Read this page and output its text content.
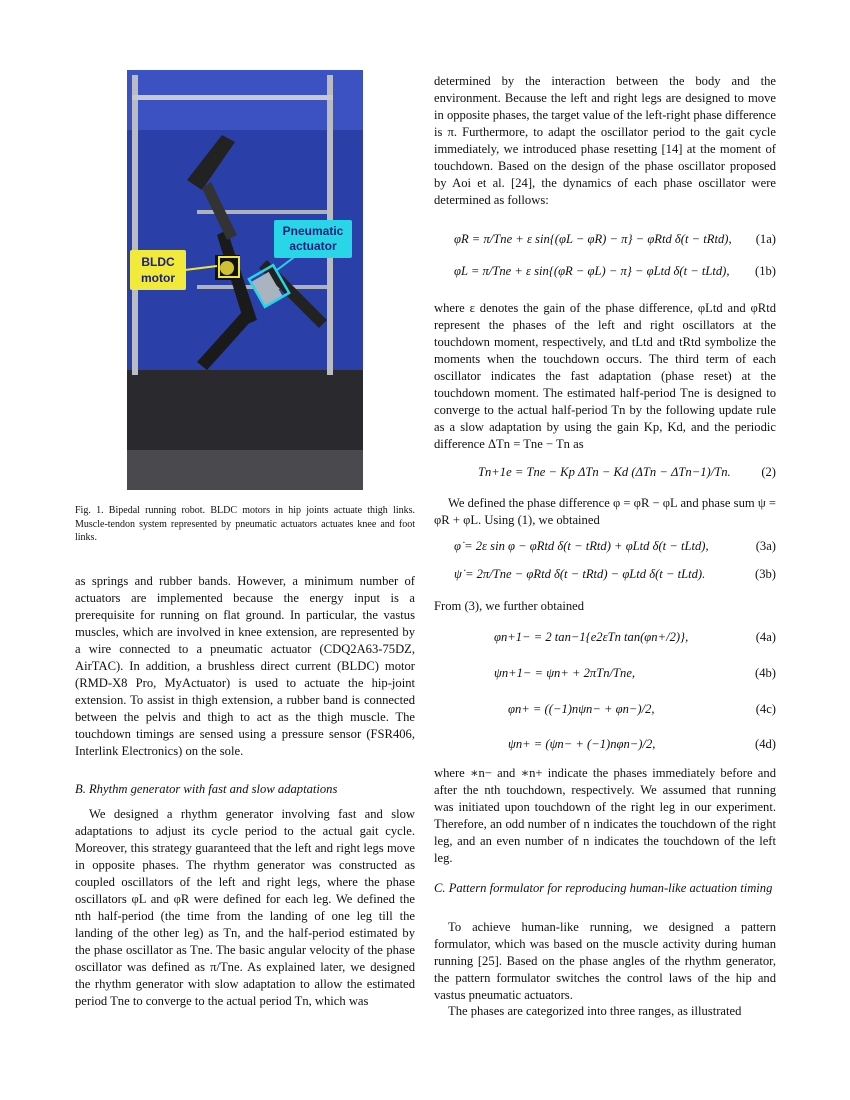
Pneumatic
actuator
BLDC
motor

Fig. 1. Bipedal running robot. BLDC motors in hip joints actuate thigh links. Muscle-tendon system represented by pneumatic actuators actuates knee and foot links.

as springs and rubber bands. However, a minimum number of actuators are implemented because the energy input is a prerequisite for running on flat ground. In particular, the vastus muscles, which are involved in knee extension, are represented by a wire connected to a pneumatic actuator (CDQ2A63-75DZ, AirTAC). In addition, a brushless direct current (BLDC) motor (RMD-X8 Pro, MyActuator) is used to actuate the hip-joint extension. To assist in thigh extension, a rubber band is connected between the pelvis and thigh to act as the thigh muscle. The touchdown timings are sensed using a pressure sensor (FSR406, Interlink Electronics) on the sole.

B. Rhythm generator with fast and slow adaptations

We designed a rhythm generator involving fast and slow adaptations to adjust its cycle period to the actual gait cycle. Moreover, this strategy guaranteed that the left and right legs move in opposite phases. The rhythm generator was constructed as coupled oscillators of the left and right legs, where the phase oscillators φL and φR were defined for each leg. We defined the nth half-period (the time from the landing of one leg till the landing of the other leg) as Tn, and the half-period estimated by the phase oscillator as Tne. The basic angular velocity of the phase oscillator was defined as π/Tne. As explained later, we designed the rhythm generator with slow adaptation to allow the estimated period Tne to converge to the actual period Tn, which was

determined by the interaction between the body and the environment. Because the left and right legs are designed to move in opposite phases, the target value of the left-right phase difference is π. Furthermore, to adapt the oscillator period to the gait cycle immediately, we introduced phase resetting [14] at the moment of touchdown. Based on the design of the phase oscillator proposed by Aoi et al. [24], the dynamics of each phase oscillator were determined as follows:

φ̇R = π/Tne + ε sin{(φL − φR) − π} − φRtd δ(t − tRtd), (1a)
φ̇L = π/Tne + ε sin{(φR − φL) − π} − φLtd δ(t − tLtd), (1b)

where ε denotes the gain of the phase difference, φLtd and φRtd represent the phases of the left and right oscillators at the touchdown moment, respectively, and tLtd and tRtd symbolize the moments when the touchdown occurs. The third term of each oscillator indicates the fast adaptation (phase reset) at the touchdown moment. The estimated half-period Tne is designed to converge to the actual half-period Tn by the following update rule as a slow adaptation by using the gain Kp, Kd, and the periodic difference ΔTn = Tne − Tn as

Tn+1e = Tne − Kp ΔTn − Kd (ΔTn − ΔTn−1)/Tn. (2)

We defined the phase difference φ = φR − φL and phase sum ψ = φR + φL. Using (1), we obtained

φ̇ = 2ε sin φ − φRtd δ(t − tRtd) + φLtd δ(t − tLtd),	(3a)
ψ̇ = 2π/Tne − φRtd δ(t − tRtd) − φLtd δ(t − tLtd).	(3b)

From (3), we further obtained

φn+1− = 2 tan−1{e2εTn tan(φn+/2)},	(4a)
ψn+1− = ψn+ + 2πTn/Tne,	(4b)
φn+ = ((−1)nψn− + φn−)/2,	(4c)
ψn+ = (ψn− + (−1)nφn−)/2,	(4d)

where ∗n− and ∗n+ indicate the phases immediately before and after the nth touchdown, respectively. We assumed that running was initiated upon touchdown of the right leg in our experiment. Therefore, an odd number of n indicates the touchdown of the right leg, and an even number of n indicates the touchdown of the left leg.

C. Pattern formulator for reproducing human-like actuation timing

To achieve human-like running, we designed a pattern formulator, which was based on the muscle activity during human running [25]. Based on the phase angles of the rhythm generator, the pattern formulator switches the control laws of the hip and vastus pneumatic actuators.

The phases are categorized into three ranges, as illustrated
